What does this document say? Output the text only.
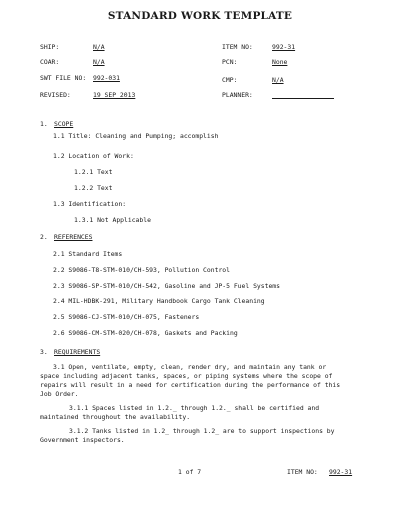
STANDARD WORK TEMPLATE
SHIP:	N/A	ITEM NO:	992-31
COAR:	N/A	PCN:	None
SWT FILE NO: 992-031	CMP:	N/A
REVISED:	19 SEP 2013	PLANNER:
1. SCOPE
1.1 Title: Cleaning and Pumping; accomplish
1.2 Location of Work:
1.2.1 Text
1.2.2 Text
1.3 Identification:
1.3.1 Not Applicable
2. REFERENCES
2.1 Standard Items
2.2 S9086-T8-STM-010/CH-593, Pollution Control
2.3 S9086-SP-STM-010/CH-542, Gasoline and JP-5 Fuel Systems
2.4 MIL-HDBK-291, Military Handbook Cargo Tank Cleaning
2.5 S9086-CJ-STM-010/CH-075, Fasteners
2.6 S9086-CM-STM-020/CH-078, Gaskets and Packing
3. REQUIREMENTS
3.1 Open, ventilate, empty, clean, render dry, and maintain any tank or
space including adjacent tanks, spaces, or piping systems where the scope of
repairs will result in a need for certification during the performance of this
Job Order.
3.1.1 Spaces listed in 1.2._ through 1.2._ shall be certified and
maintained throughout the availability.
3.1.2 Tanks listed in 1.2_ through 1.2_ are to support inspections by
Government inspectors.
1 of 7	ITEM NO: 992-31
